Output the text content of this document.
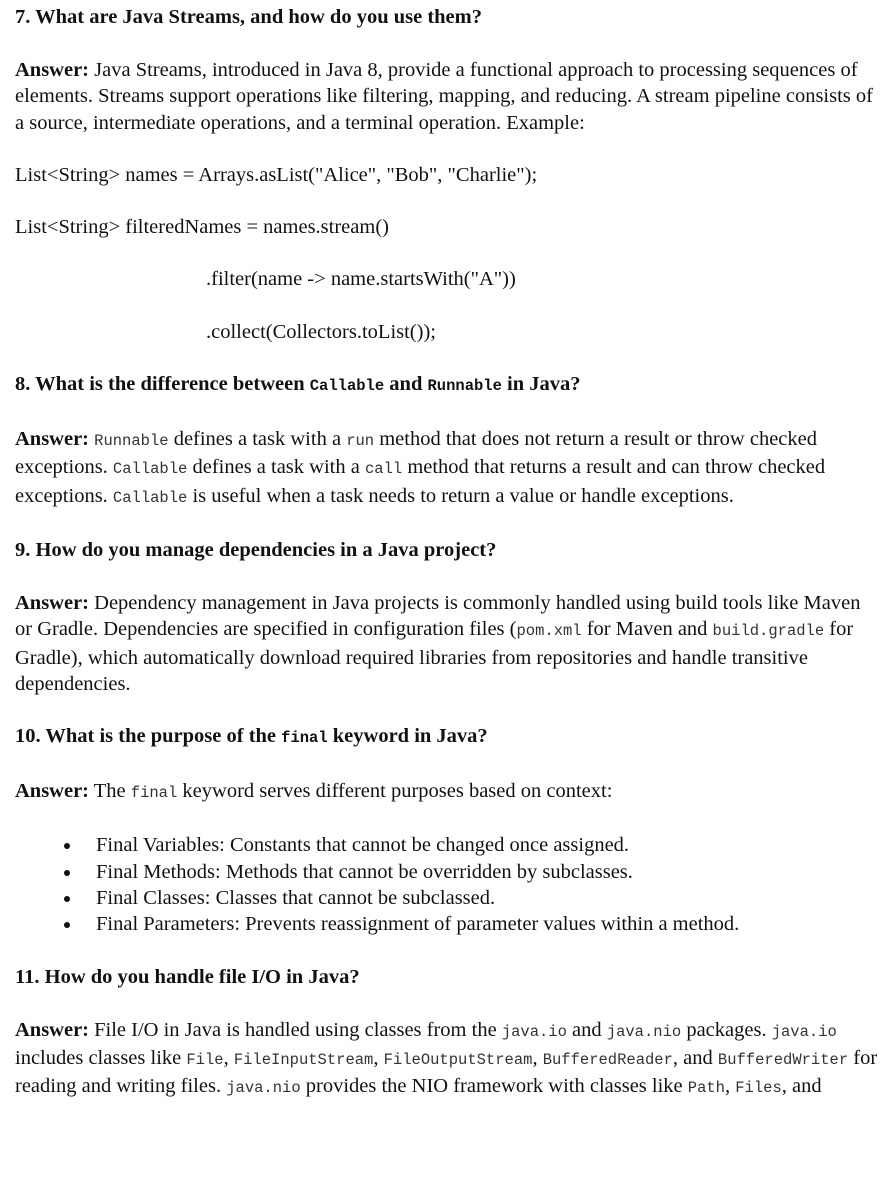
7. What are Java Streams, and how do you use them?

Answer: Java Streams, introduced in Java 8, provide a functional approach to processing sequences of elements. Streams support operations like filtering, mapping, and reducing. A stream pipeline consists of a source, intermediate operations, and a terminal operation. Example:

List<String> names = Arrays.asList("Alice", "Bob", "Charlie");

List<String> filteredNames = names.stream()

.filter(name -> name.startsWith("A"))

.collect(Collectors.toList());

8. What is the difference between Callable and Runnable in Java?

Answer: Runnable defines a task with a run method that does not return a result or throw checked exceptions. Callable defines a task with a call method that returns a result and can throw checked exceptions. Callable is useful when a task needs to return a value or handle exceptions.

9. How do you manage dependencies in a Java project?

Answer: Dependency management in Java projects is commonly handled using build tools like Maven or Gradle. Dependencies are specified in configuration files (pom.xml for Maven and build.gradle for Gradle), which automatically download required libraries from repositories and handle transitive dependencies.

10. What is the purpose of the final keyword in Java?

Answer: The final keyword serves different purposes based on context:

• Final Variables: Constants that cannot be changed once assigned.
• Final Methods: Methods that cannot be overridden by subclasses.
• Final Classes: Classes that cannot be subclassed.
• Final Parameters: Prevents reassignment of parameter values within a method.
11. How do you handle file I/O in Java?

Answer: File I/O in Java is handled using classes from the java.io and java.nio packages. java.io includes classes like File, FileInputStream, FileOutputStream, BufferedReader, and BufferedWriter for reading and writing files. java.nio provides the NIO framework with classes like Path, Files, and
